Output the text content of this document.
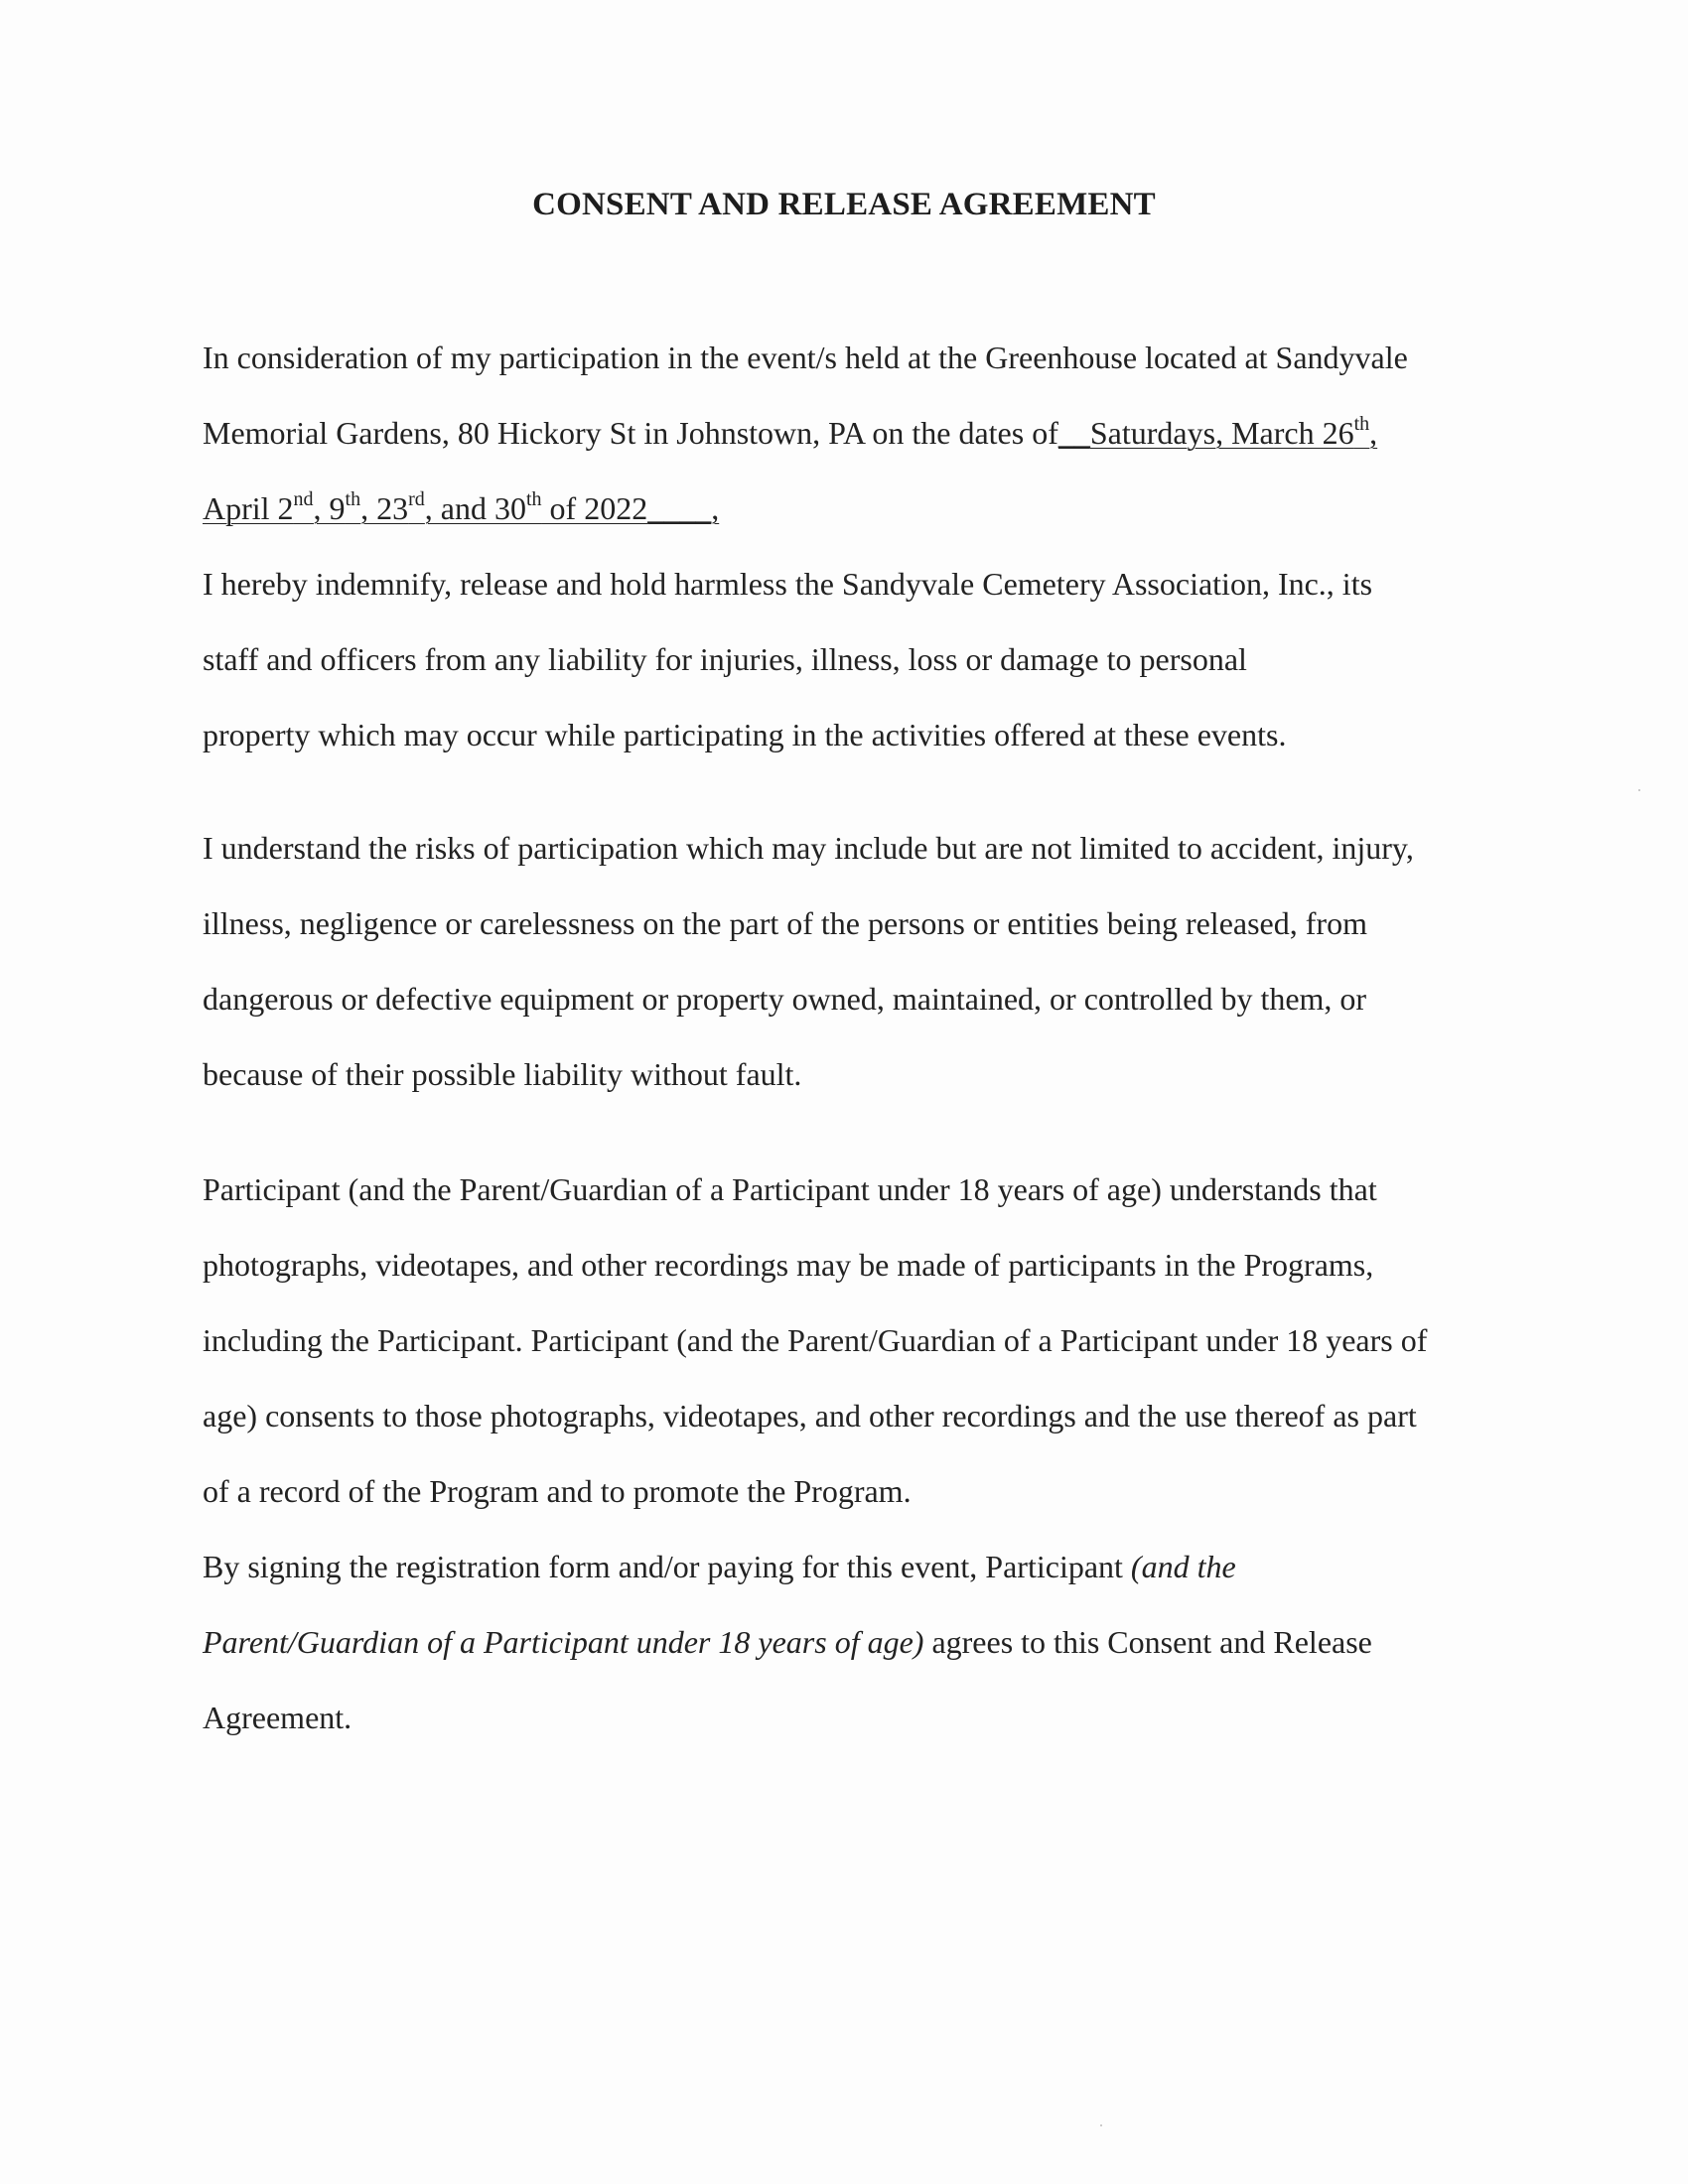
CONSENT AND RELEASE AGREEMENT
In consideration of my participation in the event/s held at the Greenhouse located at Sandyvale
Memorial Gardens, 80 Hickory St in Johnstown, PA on the dates of__Saturdays, March 26th,
April 2nd, 9th, 23rd, and 30th of 2022____,
I hereby indemnify, release and hold harmless the Sandyvale Cemetery Association, Inc., its
staff and officers from any liability for injuries, illness, loss or damage to personal
property which may occur while participating in the activities offered at these events.
I understand the risks of participation which may include but are not limited to accident, injury,
illness, negligence or carelessness on the part of the persons or entities being released, from
dangerous or defective equipment or property owned, maintained, or controlled by them, or
because of their possible liability without fault.
Participant (and the Parent/Guardian of a Participant under 18 years of age) understands that
photographs, videotapes, and other recordings may be made of participants in the Programs,
including the Participant. Participant (and the Parent/Guardian of a Participant under 18 years of
age) consents to those photographs, videotapes, and other recordings and the use thereof as part
of a record of the Program and to promote the Program.
By signing the registration form and/or paying for this event, Participant (and the
Parent/Guardian of a Participant under 18 years of age) agrees to this Consent and Release
Agreement.
